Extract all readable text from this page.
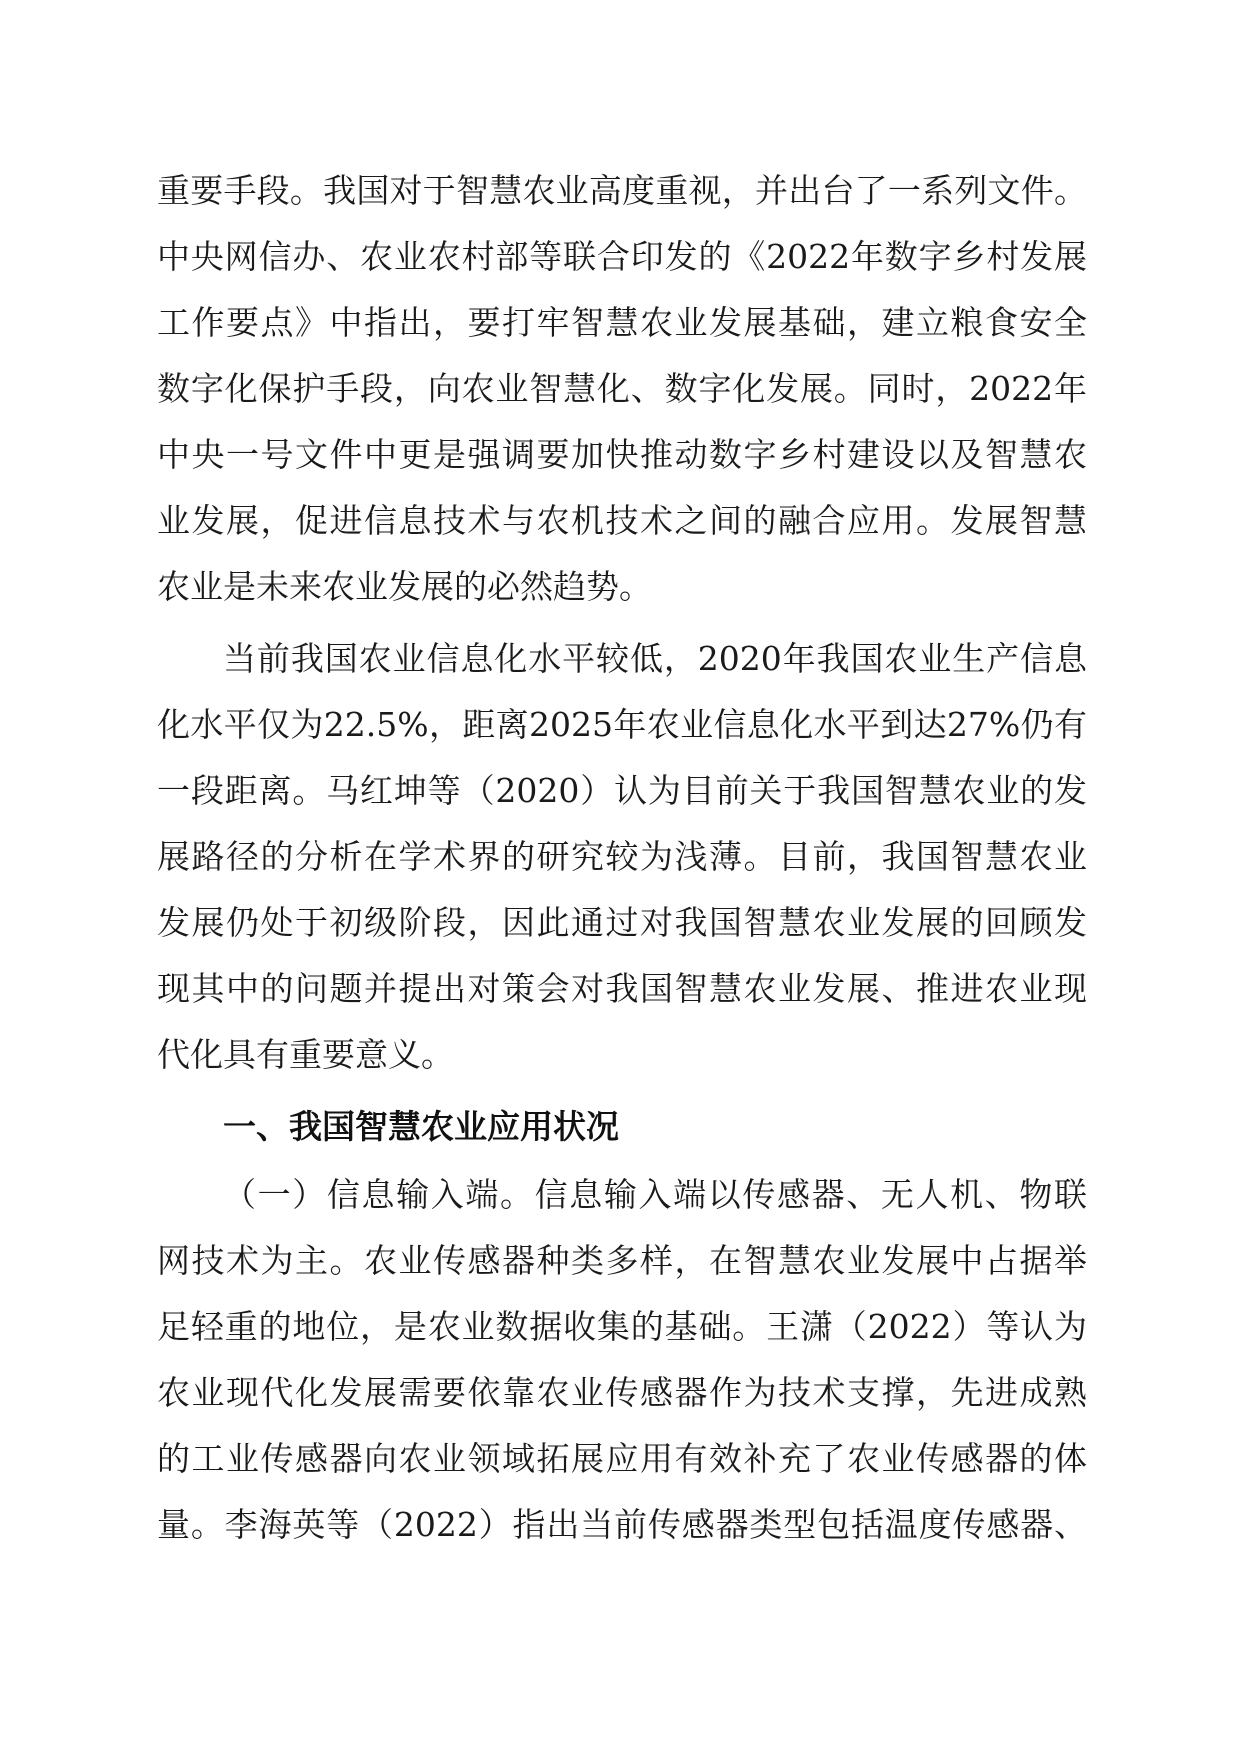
重要手段。我国对于智慧农业高度重视，并出台了一系列文件。
中央网信办、农业农村部等联合印发的《2022年数字乡村发展
工作要点》中指出，要打牢智慧农业发展基础，建立粮食安全
数字化保护手段，向农业智慧化、数字化发展。同时，2022年
中央一号文件中更是强调要加快推动数字乡村建设以及智慧农
业发展，促进信息技术与农机技术之间的融合应用。发展智慧
农业是未来农业发展的必然趋势。
当前我国农业信息化水平较低，2020年我国农业生产信息
化水平仅为22.5%，距离2025年农业信息化水平到达27%仍有
一段距离。马红坤等（2020）认为目前关于我国智慧农业的发
展路径的分析在学术界的研究较为浅薄。目前，我国智慧农业
发展仍处于初级阶段，因此通过对我国智慧农业发展的回顾发
现其中的问题并提出对策会对我国智慧农业发展、推进农业现
代化具有重要意义。
一、我国智慧农业应用状况
（一）信息输入端。信息输入端以传感器、无人机、物联
网技术为主。农业传感器种类多样，在智慧农业发展中占据举
足轻重的地位，是农业数据收集的基础。王潇（2022）等认为
农业现代化发展需要依靠农业传感器作为技术支撑，先进成熟
的工业传感器向农业领域拓展应用有效补充了农业传感器的体
量。李海英等（2022）指出当前传感器类型包括温度传感器、
